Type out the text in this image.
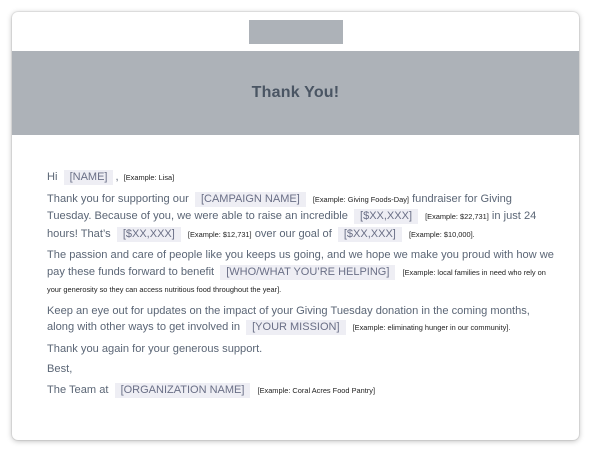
Thank You!

Hi [NAME] , [Example: Lisa]

Thank you for supporting our [CAMPAIGN NAME] [Example: Giving Foods-Day] fundraiser for Giving Tuesday. Because of you, we were able to raise an incredible [$XX,XXX] [Example: $22,731] in just 24 hours! That’s [$XX,XXX] [Example: $12,731] over our goal of [$XX,XXX] [Example: $10,000].

The passion and care of people like you keeps us going, and we hope we make you proud with how we pay these funds forward to benefit [WHO/WHAT YOU’RE HELPING] [Example: local families in need who rely on your generosity so they can access nutritious food throughout the year].

Keep an eye out for updates on the impact of your Giving Tuesday donation in the coming months, along with other ways to get involved in [YOUR MISSION] [Example: eliminating hunger in our community].

Thank you again for your generous support.

Best,

The Team at [ORGANIZATION NAME] [Example: Coral Acres Food Pantry]
